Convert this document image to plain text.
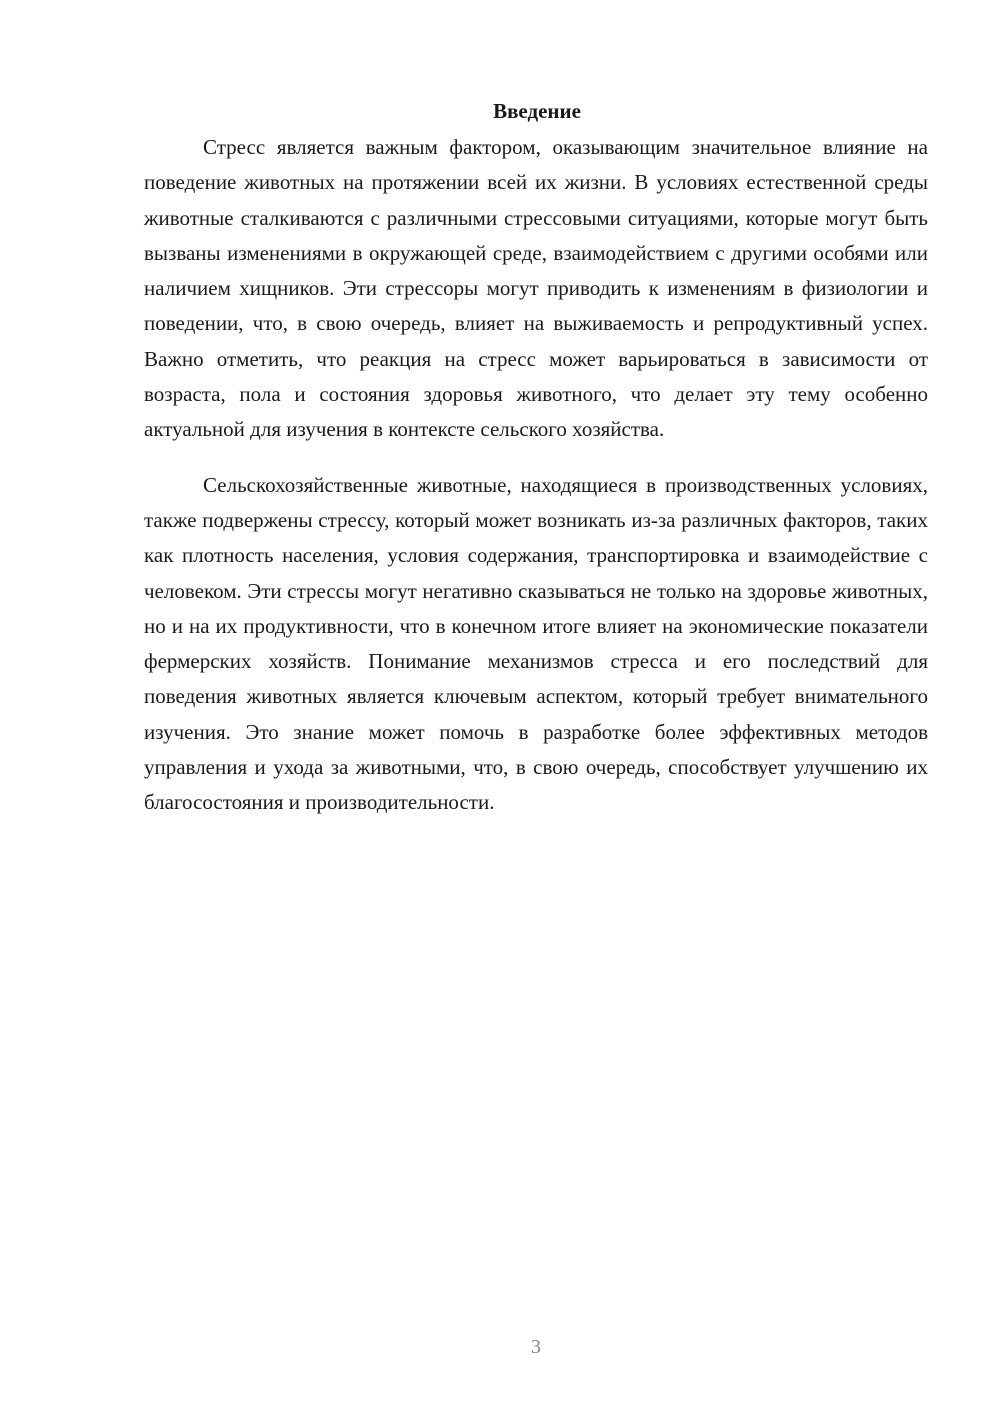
Введение

Стресс является важным фактором, оказывающим значительное влияние на поведение животных на протяжении всей их жизни. В условиях естественной среды животные сталкиваются с различными стрессовыми ситуациями, которые могут быть вызваны изменениями в окружающей среде, взаимодействием с другими особями или наличием хищников. Эти стрессоры могут приводить к изменениям в физиологии и поведении, что, в свою очередь, влияет на выживаемость и репродуктивный успех. Важно отметить, что реакция на стресс может варьироваться в зависимости от возраста, пола и состояния здоровья животного, что делает эту тему особенно актуальной для изучения в контексте сельского хозяйства.

Сельскохозяйственные животные, находящиеся в производственных условиях, также подвержены стрессу, который может возникать из-за различных факторов, таких как плотность населения, условия содержания, транспортировка и взаимодействие с человеком. Эти стрессы могут негативно сказываться не только на здоровье животных, но и на их продуктивности, что в конечном итоге влияет на экономические показатели фермерских хозяйств. Понимание механизмов стресса и его последствий для поведения животных является ключевым аспектом, который требует внимательного изучения. Это знание может помочь в разработке более эффективных методов управления и ухода за животными, что, в свою очередь, способствует улучшению их благосостояния и производительности.

3
